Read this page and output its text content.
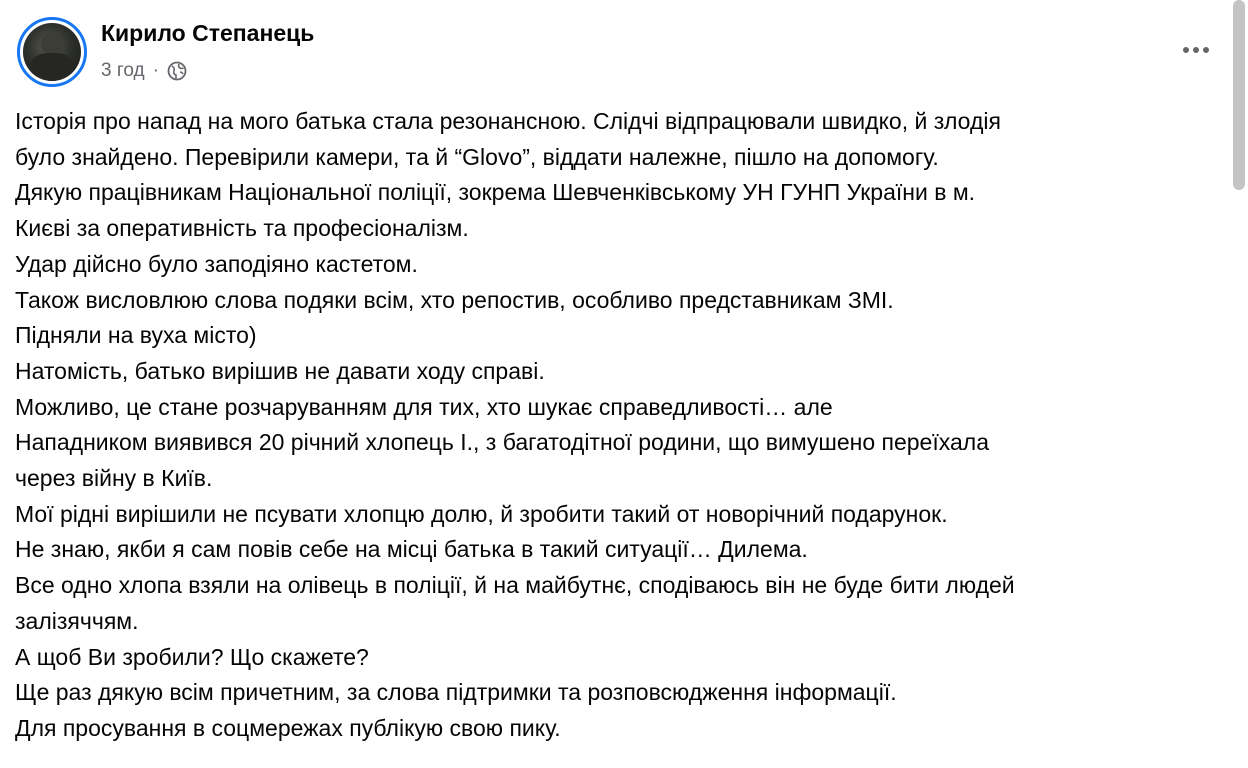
Кирило Степанець
3 год ·

Історія про напад на мого батька стала резонансною. Слідчі відпрацювали швидко, й злодія

було знайдено. Перевірили камери, та й “Glovo”, віддати належне, пішло на допомогу.

Дякую працівникам Національної поліції, зокрема Шевченківському УН ГУНП України в м.

Києві за оперативність та професіоналізм.

Удар дійсно було заподіяно кастетом.

Також висловлюю слова подяки всім, хто репостив, особливо представникам ЗМІ.

Підняли на вуха місто)

Натомість, батько вирішив не давати ходу справі.

Можливо, це стане розчаруванням для тих, хто шукає справедливості… але

Нападником виявився 20 річний хлопець І., з багатодітної родини, що вимушено переїхала

через війну в Київ.

Мої рідні вирішили не псувати хлопцю долю, й зробити такий от новорічний подарунок.

Не знаю, якби я сам повів себе на місці батька в такий ситуації… Дилема.

Все одно хлопа взяли на олівець в поліції, й на майбутнє, сподіваюсь він не буде бити людей

залізяччям.

А щоб Ви зробили? Що скажете?

Ще раз дякую всім причетним, за слова підтримки та розповсюдження інформації.

Для просування в соцмережах публікую свою пику.
